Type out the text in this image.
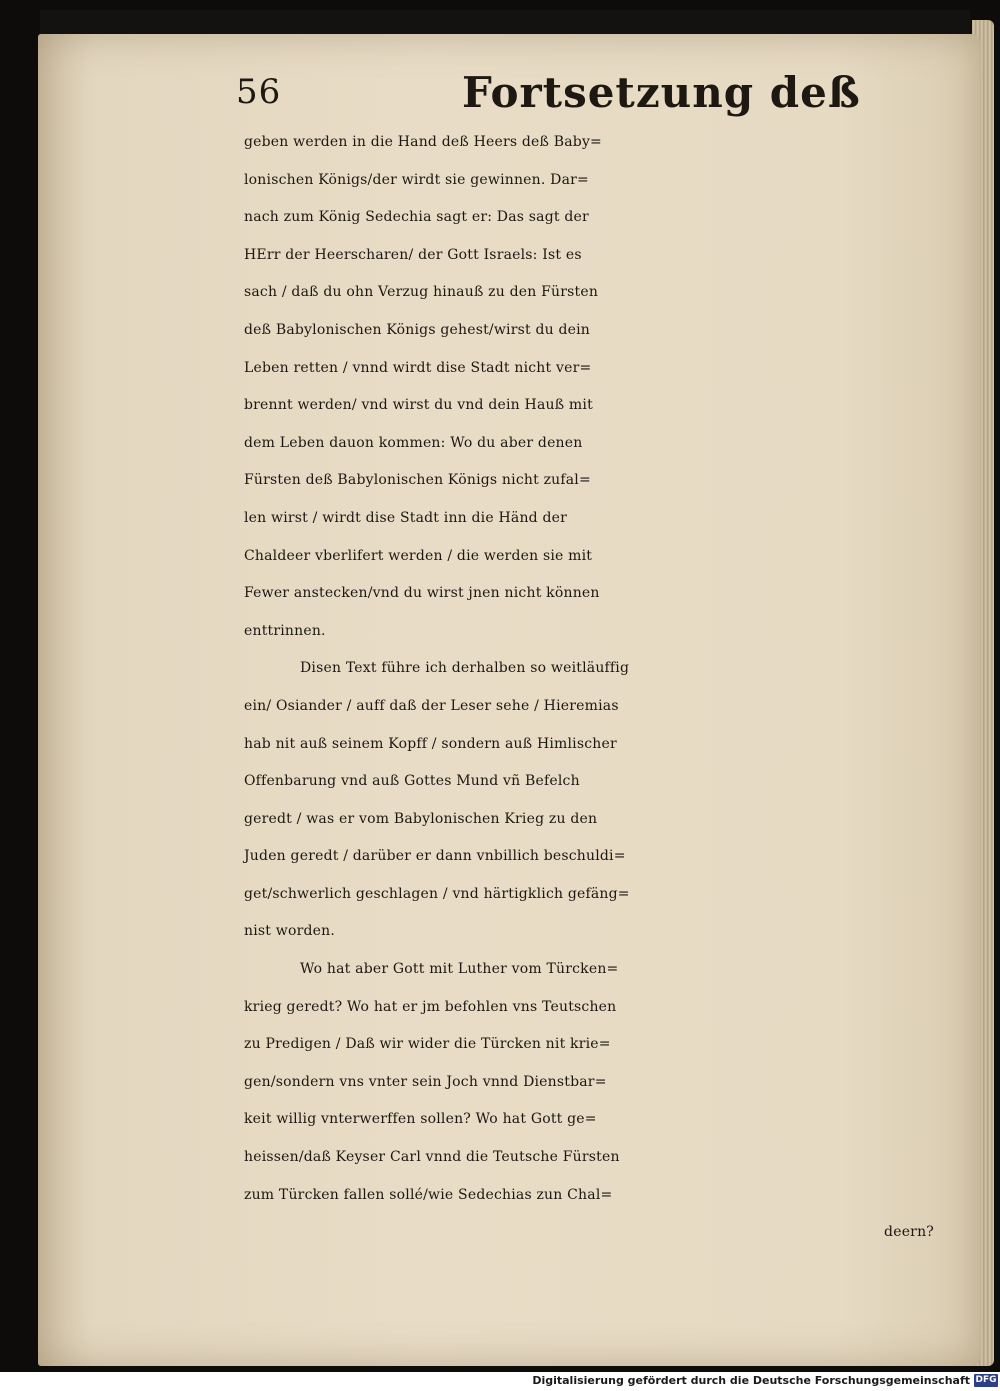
56	Fortsetzung deß
geben werden in die Hand deß Heers deß Baby=
lonischen Königs/der wirdt sie gewinnen. Dar=
nach zum König Sedechia sagt er: Das sagt der
HErr der Heerscharen/ der Gott Israels: Ist es
sach / daß du ohn Verzug hinauß zu den Fürsten
deß Babylonischen Königs gehest/wirst du dein
Leben retten / vnnd wirdt dise Stadt nicht ver=
brennt werden/ vnd wirst du vnd dein Hauß mit
dem Leben dauon kommen: Wo du aber denen
Fürsten deß Babylonischen Königs nicht zufal=
len wirst / wirdt dise Stadt inn die Händ der
Chaldeer vberlifert werden / die werden sie mit
Fewer anstecken/vnd du wirst jnen nicht können
enttrinnen.
Disen Text führe ich derhalben so weitläuffig
ein/ Osiander / auff daß der Leser sehe / Hieremias
hab nit auß seinem Kopff / sondern auß Himlischer
Offenbarung vnd auß Gottes Mund vñ Befelch
geredt / was er vom Babylonischen Krieg zu den
Juden geredt / darüber er dann vnbillich beschuldi=
get/schwerlich geschlagen / vnd härtigklich gefäng=
nist worden.
Wo hat aber Gott mit Luther vom Türcken=
krieg geredt? Wo hat er jm befohlen vns Teutschen
zu Predigen / Daß wir wider die Türcken nit krie=
gen/sondern vns vnter sein Joch vnnd Dienstbar=
keit willig vnterwerffen sollen? Wo hat Gott ge=
heissen/daß Keyser Carl vnnd die Teutsche Fürsten
zum Türcken fallen sollé/wie Sedechias zun Chal=
deern?
Digitalisierung gefördert durch die Deutsche Forschungsgemeinschaft DFG
